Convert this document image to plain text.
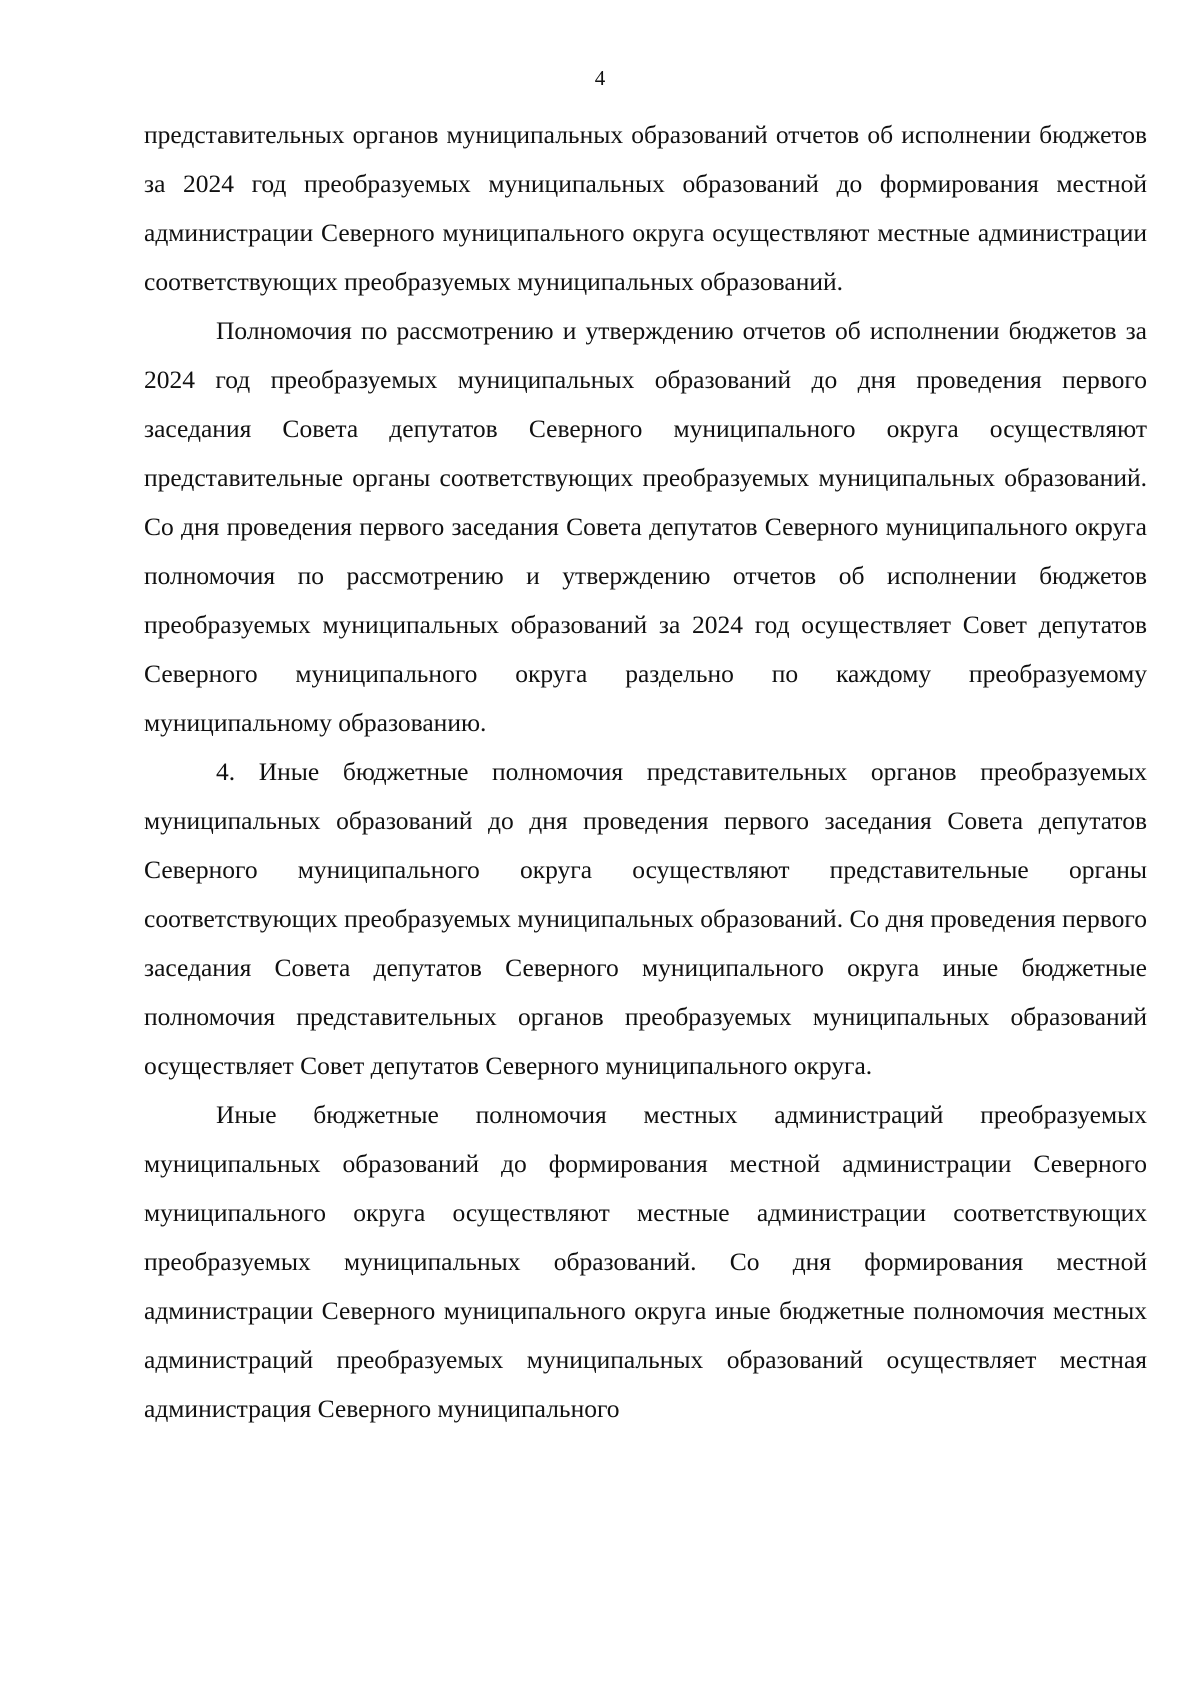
4

представительных органов муниципальных образований отчетов об исполнении бюджетов за 2024 год преобразуемых муниципальных образований до формирования местной администрации Северного муниципального округа осуществляют местные администрации соответствующих преобразуемых муниципальных образований.

Полномочия по рассмотрению и утверждению отчетов об исполнении бюджетов за 2024 год преобразуемых муниципальных образований до дня проведения первого заседания Совета депутатов Северного муниципального округа осуществляют представительные органы соответствующих преобразуемых муниципальных образований. Со дня проведения первого заседания Совета депутатов Северного муниципального округа полномочия по рассмотрению и утверждению отчетов об исполнении бюджетов преобразуемых муниципальных образований за 2024 год осуществляет Совет депутатов Северного муниципального округа раздельно по каждому преобразуемому муниципальному образованию.

4. Иные бюджетные полномочия представительных органов преобразуемых муниципальных образований до дня проведения первого заседания Совета депутатов Северного муниципального округа осуществляют представительные органы соответствующих преобразуемых муниципальных образований. Со дня проведения первого заседания Совета депутатов Северного муниципального округа иные бюджетные полномочия представительных органов преобразуемых муниципальных образований осуществляет Совет депутатов Северного муниципального округа.

Иные бюджетные полномочия местных администраций преобразуемых муниципальных образований до формирования местной администрации Северного муниципального округа осуществляют местные администрации соответствующих преобразуемых муниципальных образований. Со дня формирования местной администрации Северного муниципального округа иные бюджетные полномочия местных администраций преобразуемых муниципальных образований осуществляет местная администрация Северного муниципального
